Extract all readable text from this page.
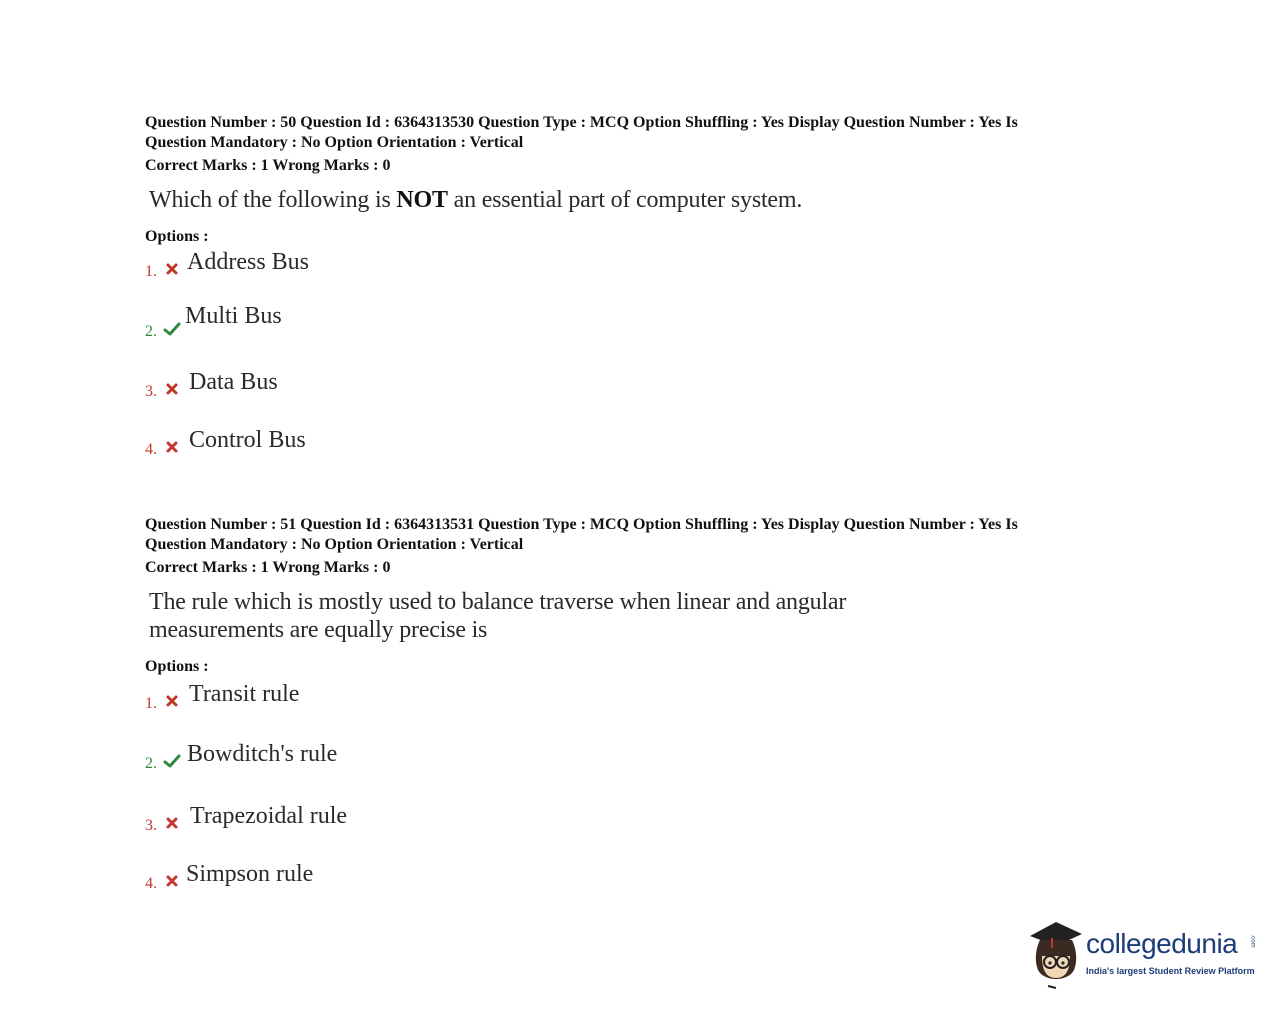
Question Number : 50 Question Id : 6364313530 Question Type : MCQ Option Shuffling : Yes Display Question Number : Yes Is
Question Mandatory : No Option Orientation : Vertical
Correct Marks : 1 Wrong Marks : 0
Which of the following is NOT an essential part of computer system.
Options :
1. Address Bus
2.
Multi Bus
3. Data Bus
4. Control Bus
Question Number : 51 Question Id : 6364313531 Question Type : MCQ Option Shuffling : Yes Display Question Number : Yes Is
Question Mandatory : No Option Orientation : Vertical
Correct Marks : 1 Wrong Marks : 0
The rule which is mostly used to balance traverse when linear and angular
measurements are equally precise is
Options :
1. Transit rule
2. Bowditch's rule
3. Trapezoidal rule
4. Simpson rule
collegedunia .com
India's largest Student Review Platform
